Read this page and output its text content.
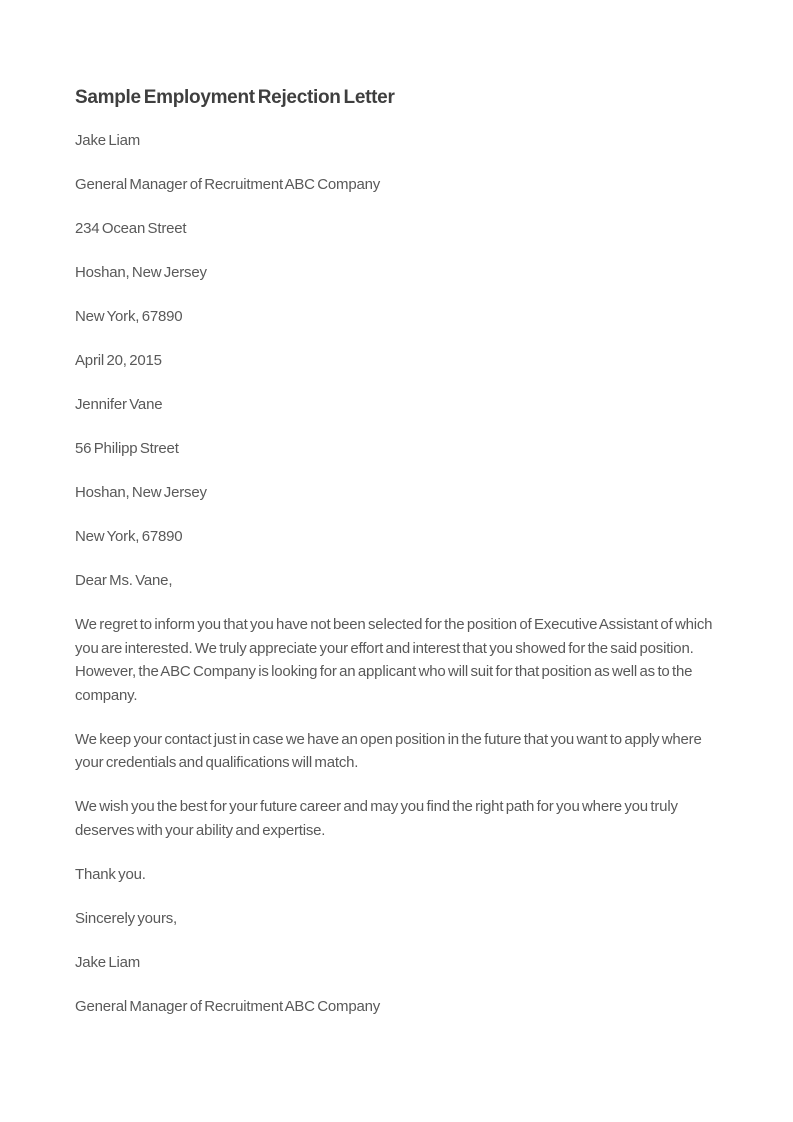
Sample Employment Rejection Letter

Jake Liam

General Manager of Recruitment ABC Company

234 Ocean Street

Hoshan, New Jersey

New York, 67890

April 20, 2015

Jennifer Vane

56 Philipp Street

Hoshan, New Jersey

New York, 67890

Dear Ms. Vane,

We regret to inform you that you have not been selected for the position of Executive Assistant of which you are interested. We truly appreciate your effort and interest that you showed for the said position. However, the ABC Company is looking for an applicant who will suit for that position as well as to the company.

We keep your contact just in case we have an open position in the future that you want to apply where your credentials and qualifications will match.

We wish you the best for your future career and may you find the right path for you where you truly deserves with your ability and expertise.

Thank you.

Sincerely yours,

Jake Liam

General Manager of Recruitment ABC Company
